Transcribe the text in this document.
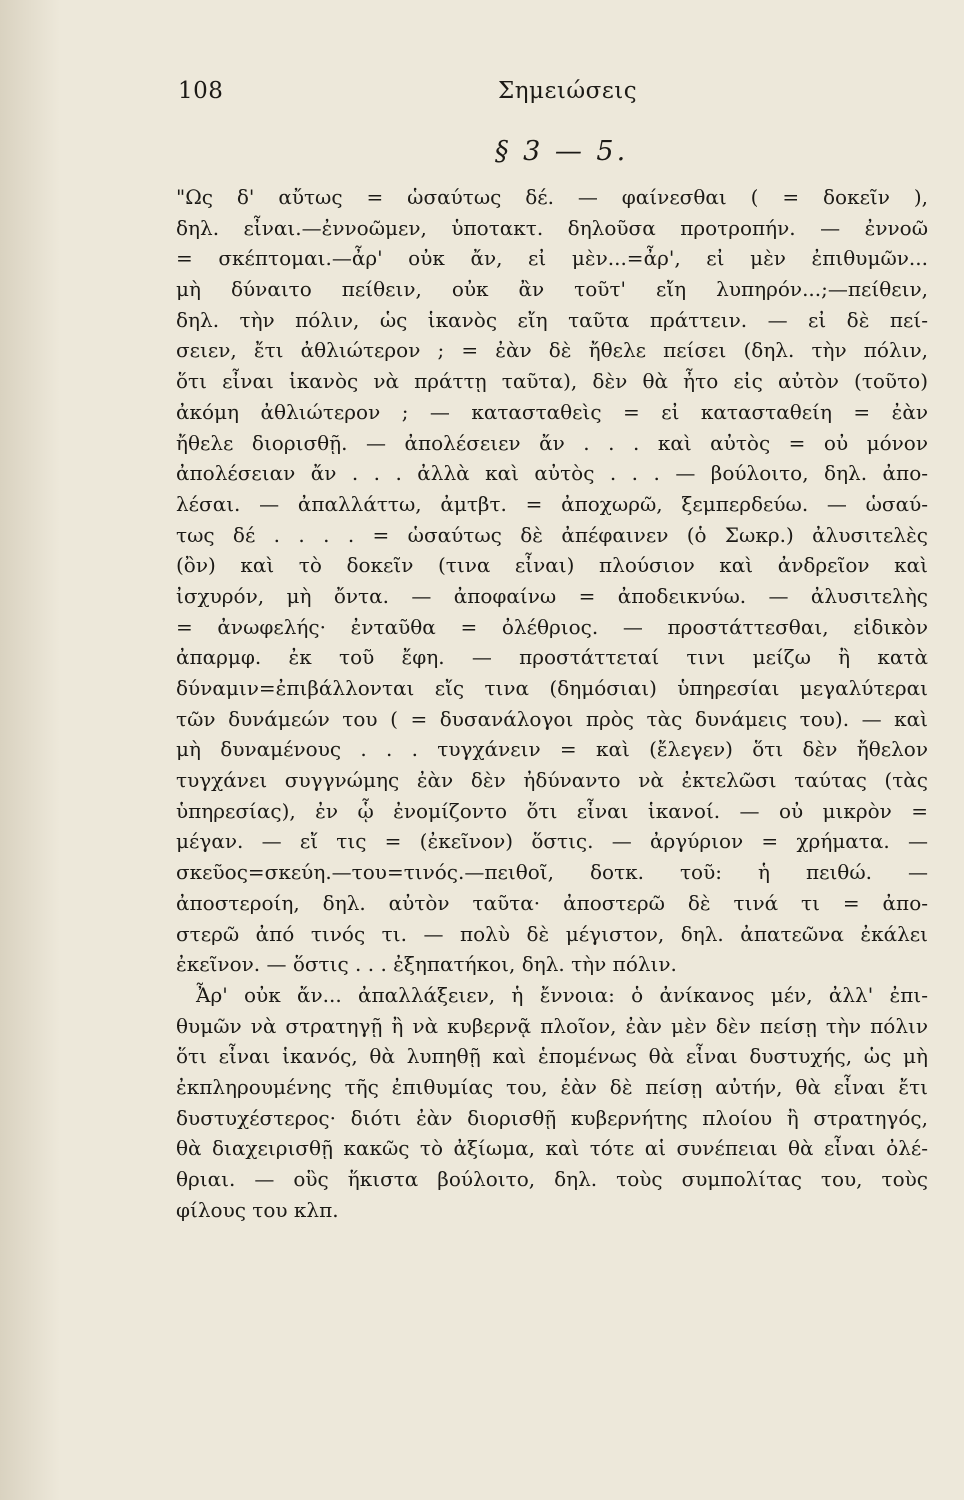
108	Σημειώσεις
§ 3 — 5.
"Ως δ' αὔτως = ὡσαύτως δέ. — φαίνεσθαι ( = δοκεῖν ),
δηλ. εἶναι.—ἐννοῶμεν, ὑποτακτ. δηλοῦσα προτροπήν. — ἐννοῶ
= σκέπτομαι.—ἆρ' οὐκ ἄν, εἰ μὲν...=ἆρ', εἰ μὲν ἐπιθυμῶν...
μὴ δύναιτο πείθειν, οὐκ ἂν τοῦτ' εἴη λυπηρόν...;—πείθειν,
δηλ. τὴν πόλιν, ὡς ἱκανὸς εἴη ταῦτα πράττειν. — εἰ δὲ πεί-
σειεν, ἔτι ἀθλιώτερον ; = ἐὰν δὲ ἤθελε πείσει (δηλ. τὴν πόλιν,
ὅτι εἶναι ἱκανὸς νὰ πράττῃ ταῦτα), δὲν θὰ ἦτο εἰς αὐτὸν (τοῦτο)
ἀκόμη ἀθλιώτερον ; — κατασταθεὶς = εἰ κατασταθείη = ἐὰν
ἤθελε διορισθῇ. — ἀπολέσειεν ἄν . . . καὶ αὐτὸς = οὐ μόνον
ἀπολέσειαν ἄν . . . ἀλλὰ καὶ αὐτὸς . . . — βούλοιτο, δηλ. ἀπο-
λέσαι. — ἀπαλλάττω, ἀμτβτ. = ἀποχωρῶ, ξεμπερδεύω. — ὡσαύ-
τως δέ . . . . = ὡσαύτως δὲ ἀπέφαινεν (ὁ Σωκρ.) ἀλυσιτελὲς
(ὂν) καὶ τὸ δοκεῖν (τινα εἶναι) πλούσιον καὶ ἀνδρεῖον καὶ
ἰσχυρόν, μὴ ὄντα. — ἀποφαίνω = ἀποδεικνύω. — ἀλυσιτελὴς
= ἀνωφελής· ἐνταῦθα = ὀλέθριος. — προστάττεσθαι, εἰδικὸν
ἀπαρμφ. ἐκ τοῦ ἔφη. — προστάττεταί τινι μείζω ἢ κατὰ
δύναμιν=ἐπιβάλλονται εἴς τινα (δημόσιαι) ὑπηρεσίαι μεγαλύτεραι
τῶν δυνάμεών του ( = δυσανάλογοι πρὸς τὰς δυνάμεις του). — καὶ
μὴ δυναμένους . . . τυγχάνειν = καὶ (ἔλεγεν) ὅτι δὲν ἤθελον
τυγχάνει συγγνώμης ἐὰν δὲν ἠδύναντο νὰ ἐκτελῶσι ταύτας (τὰς
ὑπηρεσίας), ἐν ᾧ ἐνομίζοντο ὅτι εἶναι ἱκανοί. — οὐ μικρὸν =
μέγαν. — εἴ τις = (ἐκεῖνον) ὅστις. — ἀργύριον = χρήματα. —
σκεῦος=σκεύη.—του=τινός.—πειθοῖ, δοτκ. τοῦ: ἡ πειθώ. —
ἀποστεροίη, δηλ. αὐτὸν ταῦτα· ἀποστερῶ δὲ τινά τι = ἀπο-
στερῶ ἀπό τινός τι. — πολὺ δὲ μέγιστον, δηλ. ἀπατεῶνα ἐκάλει
ἐκεῖνον. — ὅστις . . . ἐξηπατήκοι, δηλ. τὴν πόλιν.
Ἆρ' οὐκ ἄν... ἀπαλλάξειεν, ἡ ἔννοια: ὁ ἀνίκανος μέν, ἀλλ' ἐπι-
θυμῶν νὰ στρατηγῇ ἢ νὰ κυβερνᾷ πλοῖον, ἐὰν μὲν δὲν πείσῃ τὴν πόλιν
ὅτι εἶναι ἱκανός, θὰ λυπηθῇ καὶ ἑπομένως θὰ εἶναι δυστυχής, ὡς μὴ
ἐκπληρουμένης τῆς ἐπιθυμίας του, ἐὰν δὲ πείσῃ αὐτήν, θὰ εἶναι ἔτι
δυστυχέστερος· διότι ἐὰν διορισθῇ κυβερνήτης πλοίου ἢ στρατηγός,
θὰ διαχειρισθῇ κακῶς τὸ ἀξίωμα, καὶ τότε αἱ συνέπειαι θὰ εἶναι ὀλέ-
θριαι. — οὓς ἥκιστα βούλοιτο, δηλ. τοὺς συμπολίτας του, τοὺς
φίλους του κλπ.
